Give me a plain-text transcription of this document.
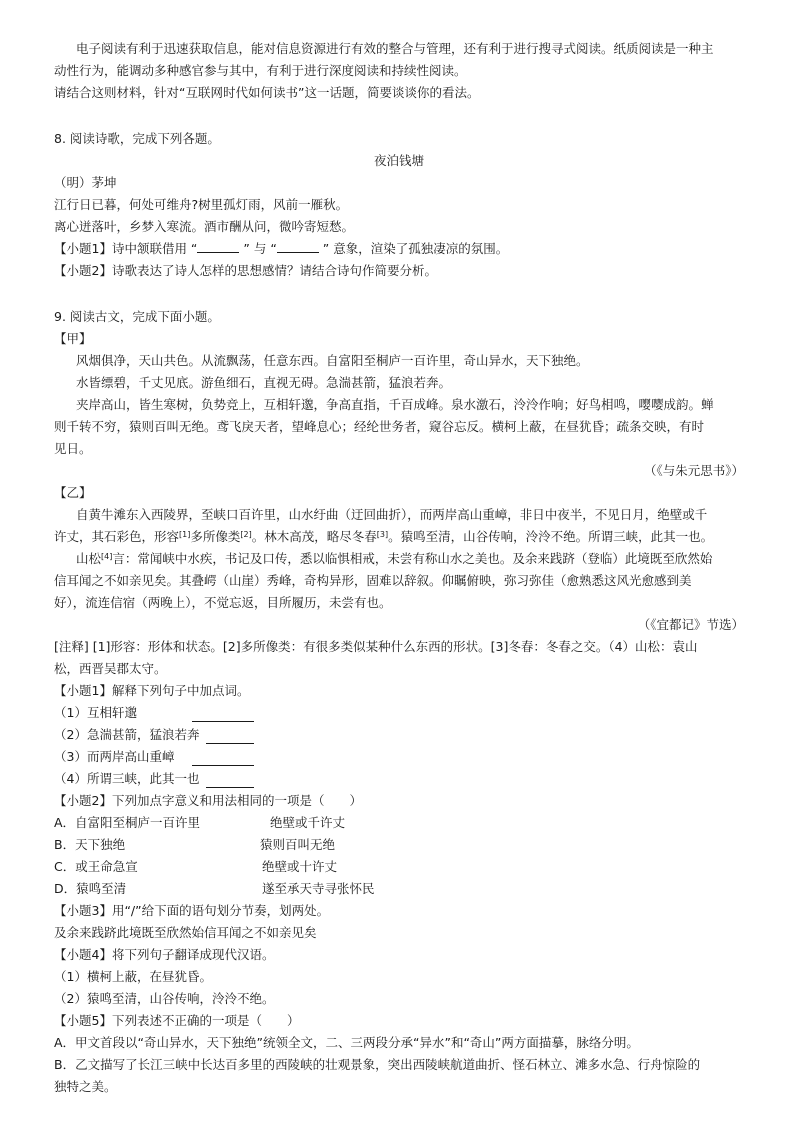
电子阅读有利于迅速获取信息，能对信息资源进行有效的整合与管理，还有利于进行搜寻式阅读。纸质阅读是一种主

动性行为，能调动多种感官参与其中，有利于进行深度阅读和持续性阅读。

请结合这则材料，针对“互联网时代如何读书”这一话题，简要谈谈你的看法。

8. 阅读诗歌，完成下列各题。

夜泊钱塘

（明）茅坤

江行日已暮，何处可维舟?树里孤灯雨，风前一雁秋。

离心迸落叶，乡梦入寒流。酒市酬从问，微吟寄短愁。

【小题1】诗中颔联借用 “	” 与 “	” 意象，渲染了孤独凄凉的氛围。

【小题2】诗歌表达了诗人怎样的思想感情？请结合诗句作简要分析。

9. 阅读古文，完成下面小题。

【甲】

风烟俱净，天山共色。从流飘荡，任意东西。自富阳至桐庐一百许里，奇山异水，天下独绝。

水皆缥碧，千丈见底。游鱼细石，直视无碍。急湍甚箭，猛浪若奔。

夹岸高山，皆生寒树，负势竞上，互相轩邈，争高直指，千百成峰。泉水激石，泠泠作响；好鸟相鸣，嘤嘤成韵。蝉

则千转不穷，猿则百叫无绝。鸢飞戾天者，望峰息心；经纶世务者，窥谷忘反。横柯上蔽，在昼犹昏；疏条交映，有时

见日。

（《与朱元思书》）

【乙】

自黄牛滩东入西陵界，至峡口百许里，山水纡曲（迂回曲折），而两岸高山重嶂，非日中夜半，不见日月，绝壁或千

许丈，其石彩色，形容[1]多所像类[2]。林木高茂，略尽冬春[3]。猿鸣至清，山谷传响，泠泠不绝。所谓三峡，此其一也。

山松[4]言：常闻峡中水疾，书记及口传，悉以临惧相戒，未尝有称山水之美也。及余来践跻（登临）此境既至欣然始

信耳闻之不如亲见矣。其叠崿（山崖）秀峰，奇构异形，固难以辞叙。仰瞩俯映，弥习弥佳（愈熟悉这风光愈感到美

好），流连信宿（两晚上），不觉忘返，目所履历，未尝有也。

（《宜都记》节选）

[注释] [1]形容：形体和状态。[2]多所像类：有很多类似某种什么东西的形状。[3]冬春：冬春之交。（4）山松：袁山

松，西晋吴郡太守。

【小题1】解释下列句子中加点词。

（1）互相轩邈
（2）急湍甚箭，猛浪若奔
（3）而两岸高山重嶂
（4）所谓三峡，此其一也

【小题2】下列加点字意义和用法相同的一项是（　　）

A．自富阳至桐庐一百许里	绝壁或千许丈
B．天下独绝	猿则百叫无绝
C．或王命急宣	绝壁或十许丈
D．猿鸣至清	遂至承天寺寻张怀民

【小题3】用“/”给下面的语句划分节奏，划两处。

及余来践跻此境既至欣然始信耳闻之不如亲见矣

【小题4】将下列句子翻译成现代汉语。

（1）横柯上蔽，在昼犹昏。

（2）猿鸣至清，山谷传响，泠泠不绝。

【小题5】下列表述不正确的一项是（　　）

A．甲文首段以“奇山异水，天下独绝”统领全文，二、三两段分承“异水”和“奇山”两方面描摹，脉络分明。

B．乙文描写了长江三峡中长达百多里的西陵峡的壮观景象，突出西陵峡航道曲折、怪石林立、滩多水急、行舟惊险的

独特之美。
